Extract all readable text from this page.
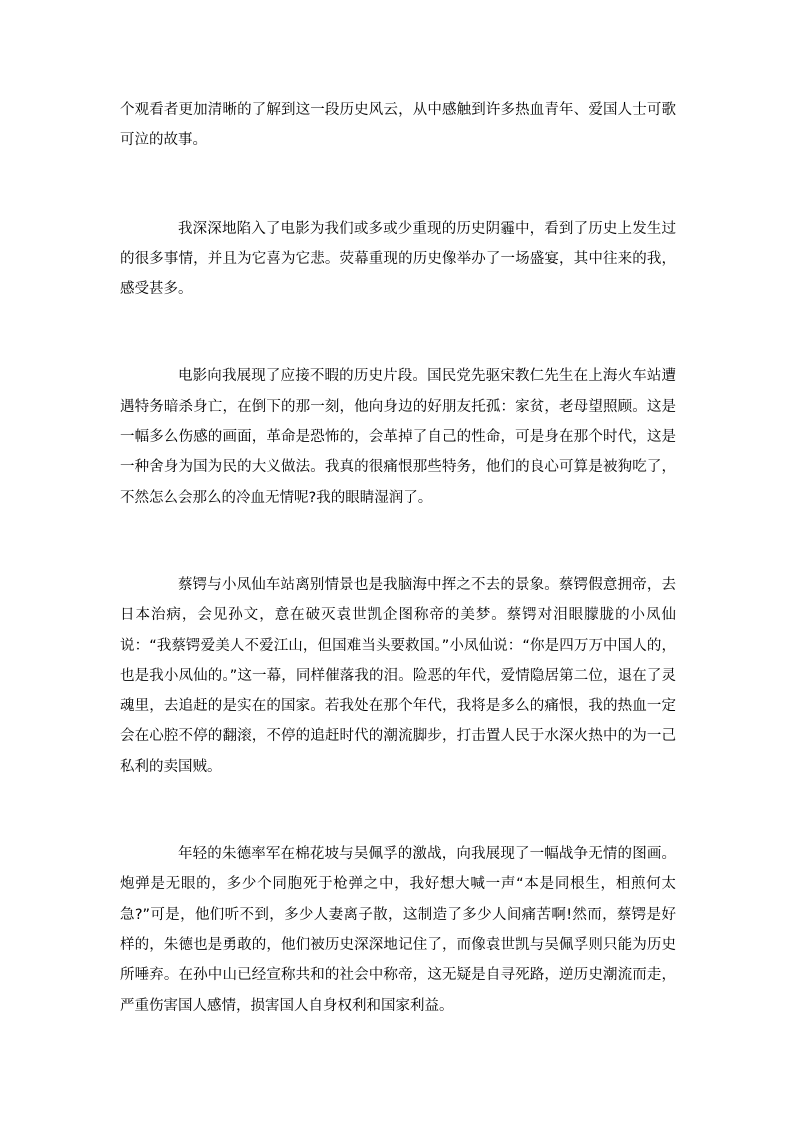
个观看者更加清晰的了解到这一段历史风云，从中感触到许多热血青年、爱国人士可歌可泣的故事。

我深深地陷入了电影为我们或多或少重现的历史阴霾中，看到了历史上发生过的很多事情，并且为它喜为它悲。荧幕重现的历史像举办了一场盛宴，其中往来的我，感受甚多。

电影向我展现了应接不暇的历史片段。国民党先驱宋教仁先生在上海火车站遭遇特务暗杀身亡，在倒下的那一刻，他向身边的好朋友托孤：家贫，老母望照顾。这是一幅多么伤感的画面，革命是恐怖的，会革掉了自己的性命，可是身在那个时代，这是一种舍身为国为民的大义做法。我真的很痛恨那些特务，他们的良心可算是被狗吃了，不然怎么会那么的冷血无情呢?我的眼睛湿润了。

蔡锷与小凤仙车站离别情景也是我脑海中挥之不去的景象。蔡锷假意拥帝，去日本治病，会见孙文，意在破灭袁世凯企图称帝的美梦。蔡锷对泪眼朦胧的小凤仙说：“我蔡锷爱美人不爱江山，但国难当头要救国。”小凤仙说：“你是四万万中国人的，也是我小凤仙的。”这一幕，同样催落我的泪。险恶的年代，爱情隐居第二位，退在了灵魂里，去追赶的是实在的国家。若我处在那个年代，我将是多么的痛恨，我的热血一定会在心腔不停的翻滚，不停的追赶时代的潮流脚步，打击置人民于水深火热中的为一己私利的卖国贼。

年轻的朱德率军在棉花坡与吴佩孚的激战，向我展现了一幅战争无情的图画。炮弹是无眼的，多少个同胞死于枪弹之中，我好想大喊一声“本是同根生，相煎何太急?”可是，他们听不到，多少人妻离子散，这制造了多少人间痛苦啊!然而，蔡锷是好样的，朱德也是勇敢的，他们被历史深深地记住了，而像袁世凯与吴佩孚则只能为历史所唾弃。在孙中山已经宣称共和的社会中称帝，这无疑是自寻死路，逆历史潮流而走，严重伤害国人感情，损害国人自身权利和国家利益。
